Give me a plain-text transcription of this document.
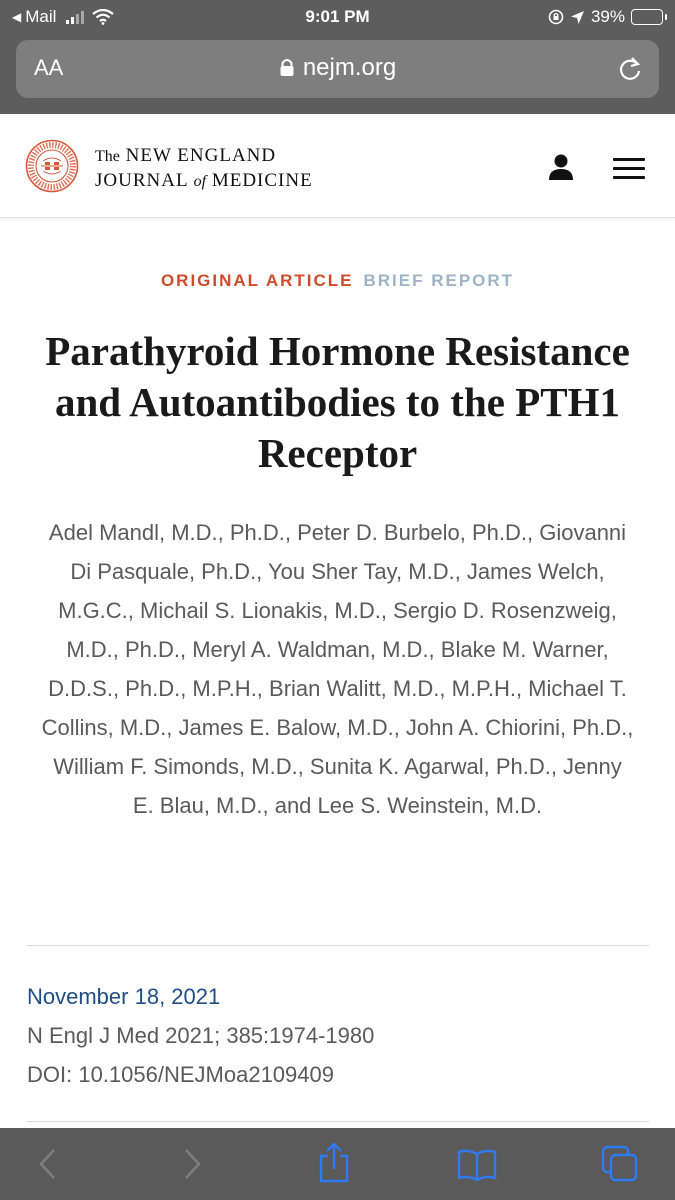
◀ Mail	9:01 PM	39%
AA	nejm.org
The NEW ENGLAND
JOURNAL of MEDICINE
ORIGINAL ARTICLE BRIEF REPORT
Parathyroid Hormone Resistance and Autoantibodies to the PTH1 Receptor
Adel Mandl, M.D., Ph.D., Peter D. Burbelo, Ph.D., Giovanni Di Pasquale, Ph.D., You Sher Tay, M.D., James Welch, M.G.C., Michail S. Lionakis, M.D., Sergio D. Rosenzweig, M.D., Ph.D., Meryl A. Waldman, M.D., Blake M. Warner, D.D.S., Ph.D., M.P.H., Brian Walitt, M.D., M.P.H., Michael T. Collins, M.D., James E. Balow, M.D., John A. Chiorini, Ph.D., William F. Simonds, M.D., Sunita K. Agarwal, Ph.D., Jenny E. Blau, M.D., and Lee S. Weinstein, M.D.
November 18, 2021
N Engl J Med 2021; 385:1974-1980
DOI: 10.1056/NEJMoa2109409
